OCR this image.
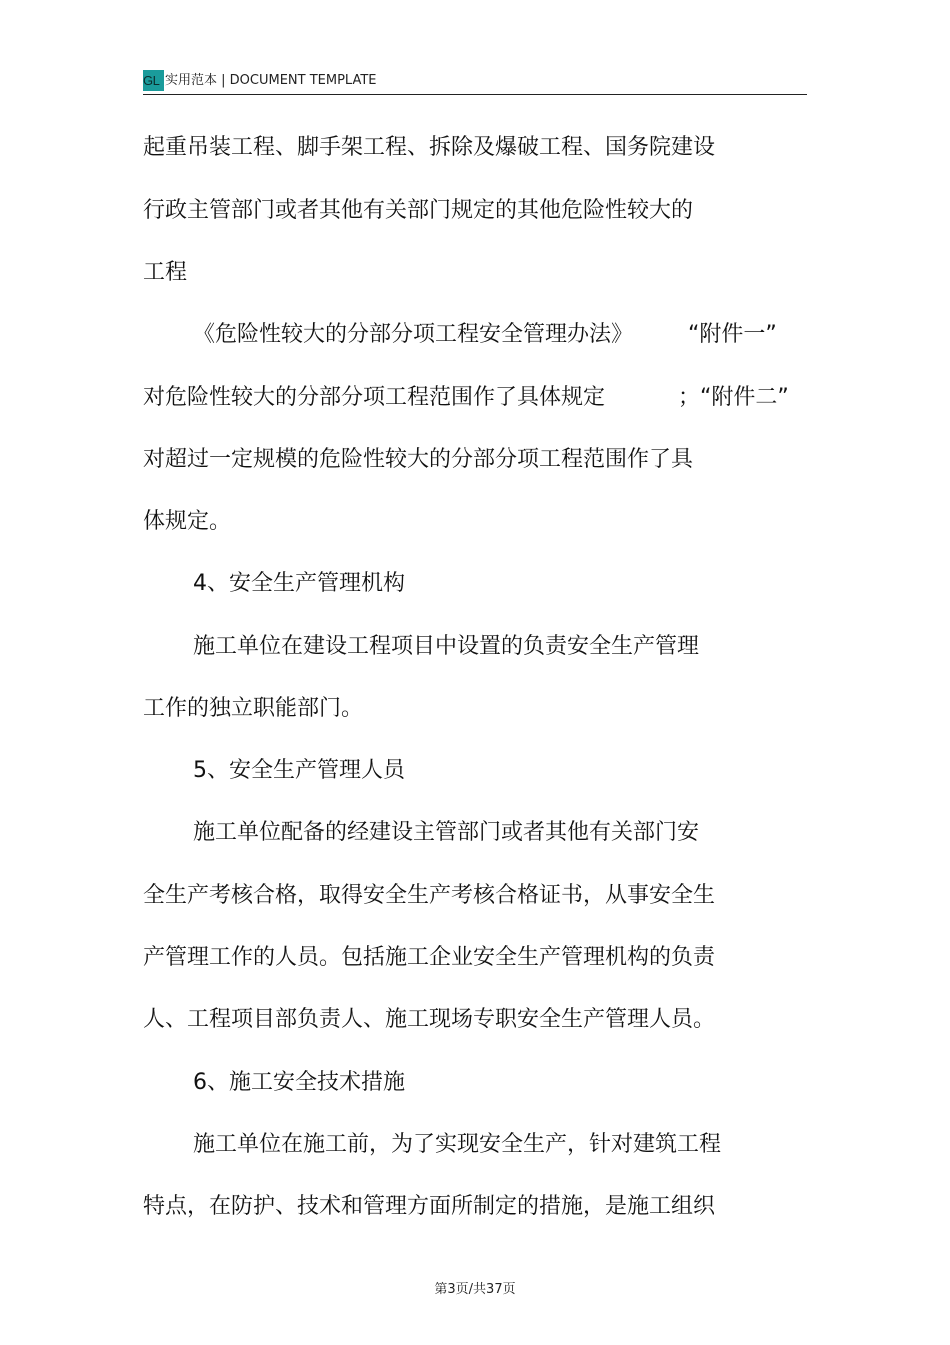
GL 实用范本 | DOCUMENT TEMPLATE
起重吊装工程、脚手架工程、拆除及爆破工程、国务院建设
行政主管部门或者其他有关部门规定的其他危险性较大的
工程
《危险性较大的分部分项工程安全管理办法》 “附件一”
对危险性较大的分部分项工程范围作了具体规定	；“附件二”
对超过一定规模的危险性较大的分部分项工程范围作了具
体规定。
4、安全生产管理机构
施工单位在建设工程项目中设置的负责安全生产管理
工作的独立职能部门。
5、安全生产管理人员
施工单位配备的经建设主管部门或者其他有关部门安
全生产考核合格，取得安全生产考核合格证书，从事安全生
产管理工作的人员。包括施工企业安全生产管理机构的负责
人、工程项目部负责人、施工现场专职安全生产管理人员。
6、施工安全技术措施
施工单位在施工前，为了实现安全生产，针对建筑工程
特点，在防护、技术和管理方面所制定的措施，是施工组织
第3页/共37页
